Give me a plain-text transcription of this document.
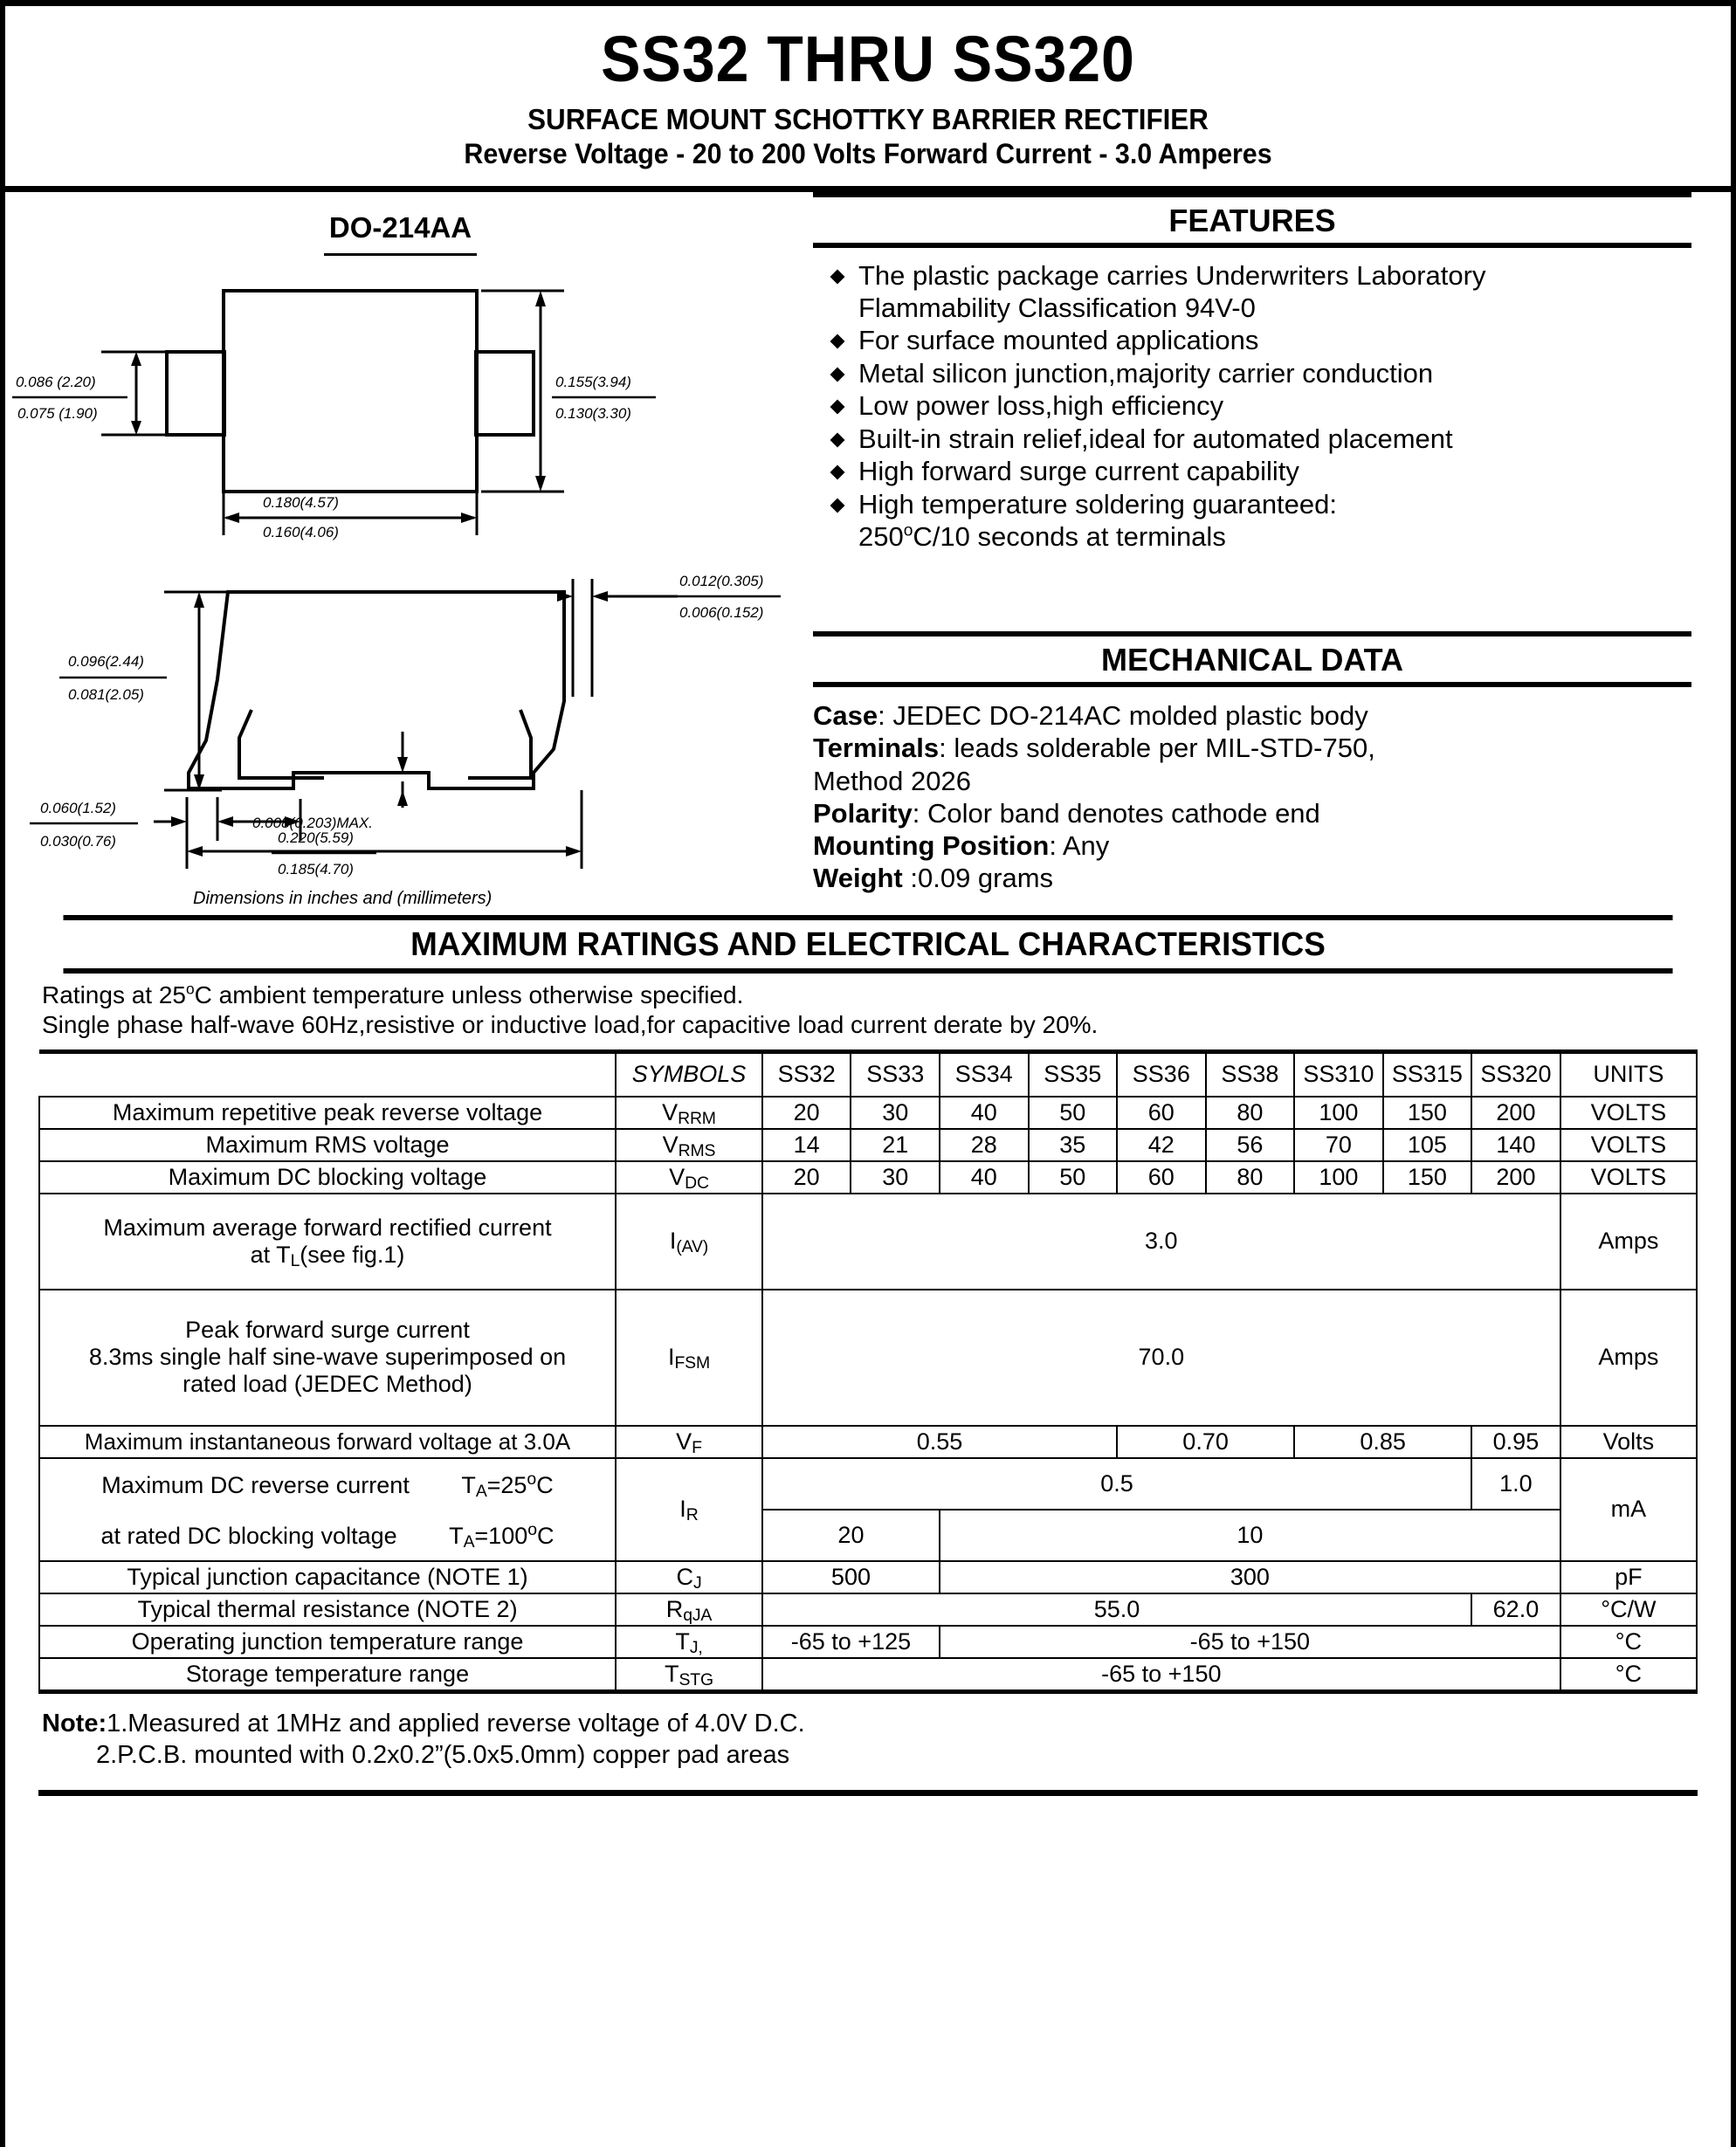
SS32 THRU SS320
SURFACE MOUNT SCHOTTKY BARRIER RECTIFIER
Reverse Voltage - 20 to 200 Volts Forward Current - 3.0 Amperes
DO-214AA
0.086 (2.20)
0.075 (1.90)
0.155(3.94)
0.130(3.30)
0.180(4.57)
0.160(4.06)
0.012(0.305)
0.006(0.152)
0.096(2.44)
0.081(2.05)
0.060(1.52)
0.030(0.76)
0.008(0.203)MAX.
0.220(5.59)
0.185(4.70)
Dimensions in inches and (millimeters)
FEATURES
The plastic package carries Underwriters Laboratory
Flammability Classification 94V-0
For surface mounted applications
Metal silicon junction,majority carrier conduction
Low power loss,high efficiency
Built-in strain relief,ideal for automated placement
High forward surge current capability
High temperature soldering guaranteed:
250$^o$C/10 seconds at terminals
MECHANICAL DATA

Case: JEDEC DO-214AC molded plastic body

Terminals: leads solderable per MIL-STD-750,

Method 2026

Polarity: Color band denotes cathode end

Mounting Position: Any

Weight :0.09 grams

MAXIMUM RATINGS AND ELECTRICAL CHARACTERISTICS
Ratings at 25$^o$C ambient temperature unless otherwise specified.
Single phase half-wave 60Hz,resistive or inductive load,for capacitive load current derate by 20%.
	SYMBOLS	SS32	SS33	SS34	SS35	SS36	SS38	SS310	SS315	SS320	UNITS
Maximum repetitive peak reverse voltage	VRRM	20	30	40	50	60	80	100	150	200	VOLTS
Maximum RMS voltage	VRMS	14	21	28	35	42	56	70	105	140	VOLTS
Maximum DC blocking voltage	VDC	20	30	40	50	60	80	100	150	200	VOLTS

Maximum average forward rectified current
at TL(see fig.1)	I(AV)	3.0									Amps

Peak forward surge current
8.3ms single half sine-wave superimposed on
rated load (JEDEC Method)	IFSM	70.0									Amps
Maximum instantaneous forward voltage at 3.0A	VF	0.55				0.70		0.85		0.95	Volts
Maximum DC reverse current $TA=25^oC$	IR	0.5								1.0	mA
at rated DC blocking voltage $TA=100^oC$		20		10							
Typical junction capacitance (NOTE 1)	CJ	500		300							pF
Typical thermal resistance (NOTE 2)	RqJA	55.0								62.0	°C/W
Operating junction temperature range	TJ,	-65 to +125		-65 to +150							°C
Storage temperature range	TSTG	-65 to +150									°C
Note:1.Measured at 1MHz and applied reverse voltage of 4.0V D.C.
2.P.C.B. mounted with 0.2x0.2”(5.0x5.0mm) copper pad areas
